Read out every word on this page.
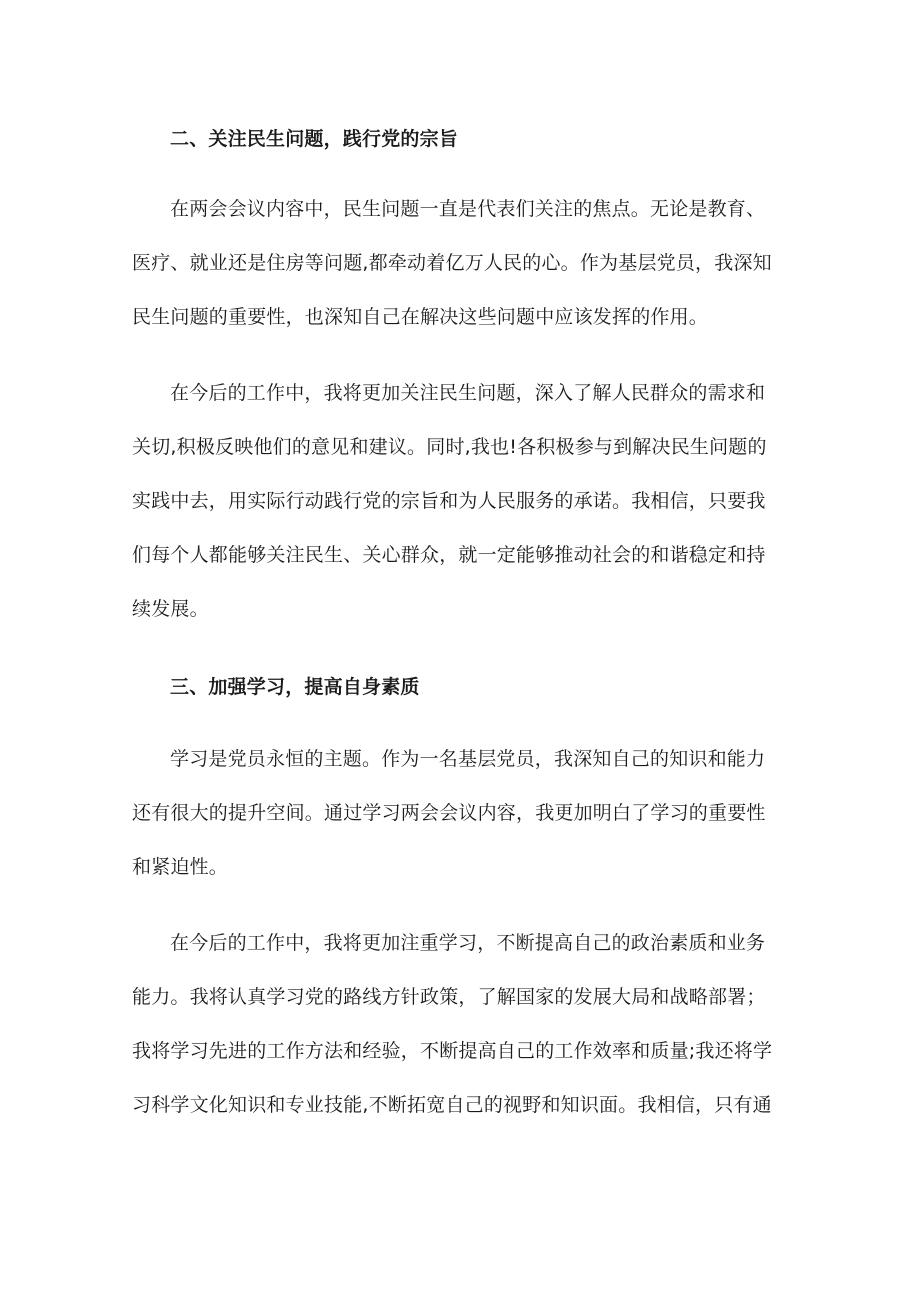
二、关注民生问题，践行党的宗旨
在两会会议内容中，民生问题一直是代表们关注的焦点。无论是教育、
医疗、就业还是住房等问题,都牵动着亿万人民的心。作为基层党员，我深知
民生问题的重要性，也深知自己在解决这些问题中应该发挥的作用。
在今后的工作中，我将更加关注民生问题，深入了解人民群众的需求和
关切,积极反映他们的意见和建议。同时,我也!各积极参与到解决民生问题的
实践中去，用实际行动践行党的宗旨和为人民服务的承诺。我相信，只要我
们每个人都能够关注民生、关心群众，就一定能够推动社会的和谐稳定和持
续发展。
三、加强学习，提高自身素质
学习是党员永恒的主题。作为一名基层党员，我深知自己的知识和能力
还有很大的提升空间。通过学习两会会议内容，我更加明白了学习的重要性
和紧迫性。
在今后的工作中，我将更加注重学习，不断提高自己的政治素质和业务
能力。我将认真学习党的路线方针政策，了解国家的发展大局和战略部署；
我将学习先进的工作方法和经验，不断提高自己的工作效率和质量;我还将学
习科学文化知识和专业技能,不断拓宽自己的视野和知识面。我相信，只有通
